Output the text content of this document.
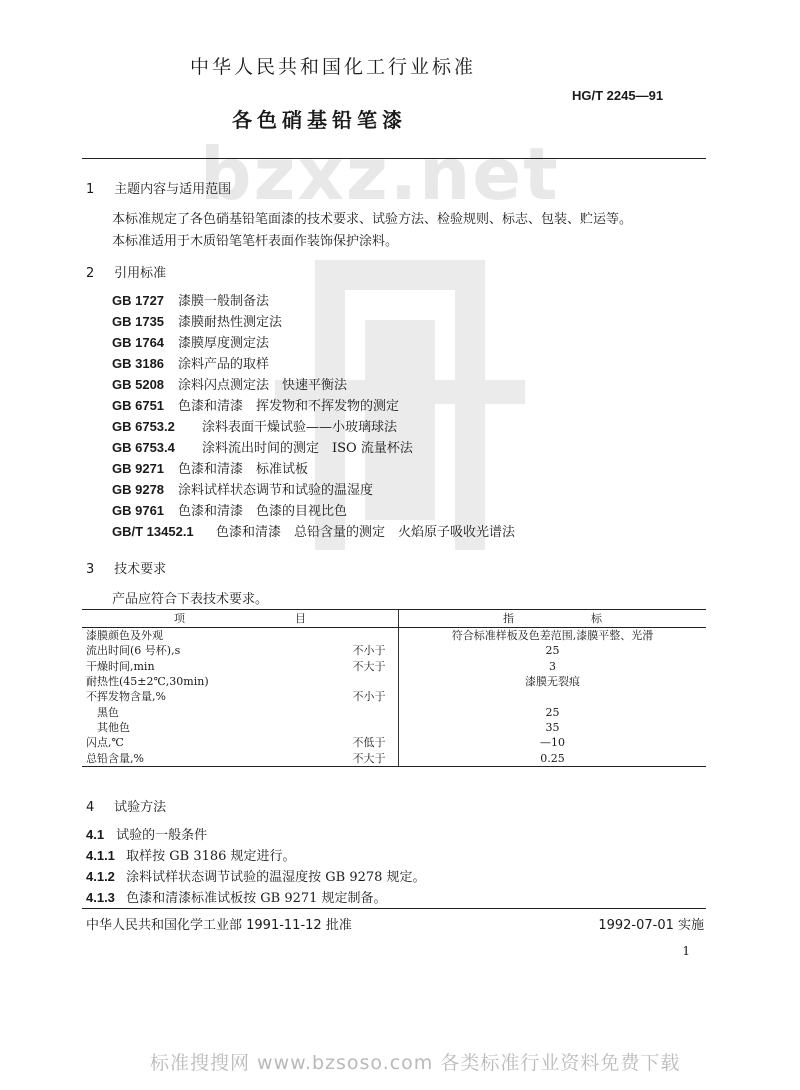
中华人民共和国化工行业标准
HG/T 2245—91
各色硝基铅笔漆
bzxz.net
1 主题内容与适用范围
本标准规定了各色硝基铅笔面漆的技术要求、试验方法、检验规则、标志、包装、贮运等。
本标准适用于木质铅笔笔杆表面作装饰保护涂料。
2 引用标准
GB 1727 漆膜一般制备法
GB 1735 漆膜耐热性测定法
GB 1764 漆膜厚度测定法
GB 3186 涂料产品的取样
GB 5208 涂料闪点测定法　快速平衡法
GB 6751 色漆和清漆　挥发物和不挥发物的测定
GB 6753.2 涂料表面干燥试验——小玻璃球法
GB 6753.4 涂料流出时间的测定　ISO 流量杯法
GB 9271 色漆和清漆　标准试板
GB 9278 涂料试样状态调节和试验的温湿度
GB 9761 色漆和清漆　色漆的目视比色
GB/T 13452.1 色漆和清漆　总铅含量的测定　火焰原子吸收光谱法
3 技术要求
产品应符合下表技术要求。
项　　　　　　　　　　目		指　　　　　　　标
漆膜颜色及外观		符合标准样板及色差范围,漆膜平整、光滑
流出时间(6 号杯),s	不小于	25
干燥时间,min	不大于	3
耐热性(45±2℃,30min)		漆膜无裂痕
不挥发物含量,%	不小于	
　黑色		25
　其他色		35
闪点,℃	不低于	—10
总铅含量,%	不大于	0.25
4 试验方法
4.1 试验的一般条件
4.1.1 取样按 GB 3186 规定进行。
4.1.2 涂料试样状态调节试验的温湿度按 GB 9278 规定。
4.1.3 色漆和清漆标准试板按 GB 9271 规定制备。
中华人民共和国化学工业部 1991-11-12 批准	1992-07-01 实施
1
标准搜搜网 www.bzsoso.com 各类标准行业资料免费下载
